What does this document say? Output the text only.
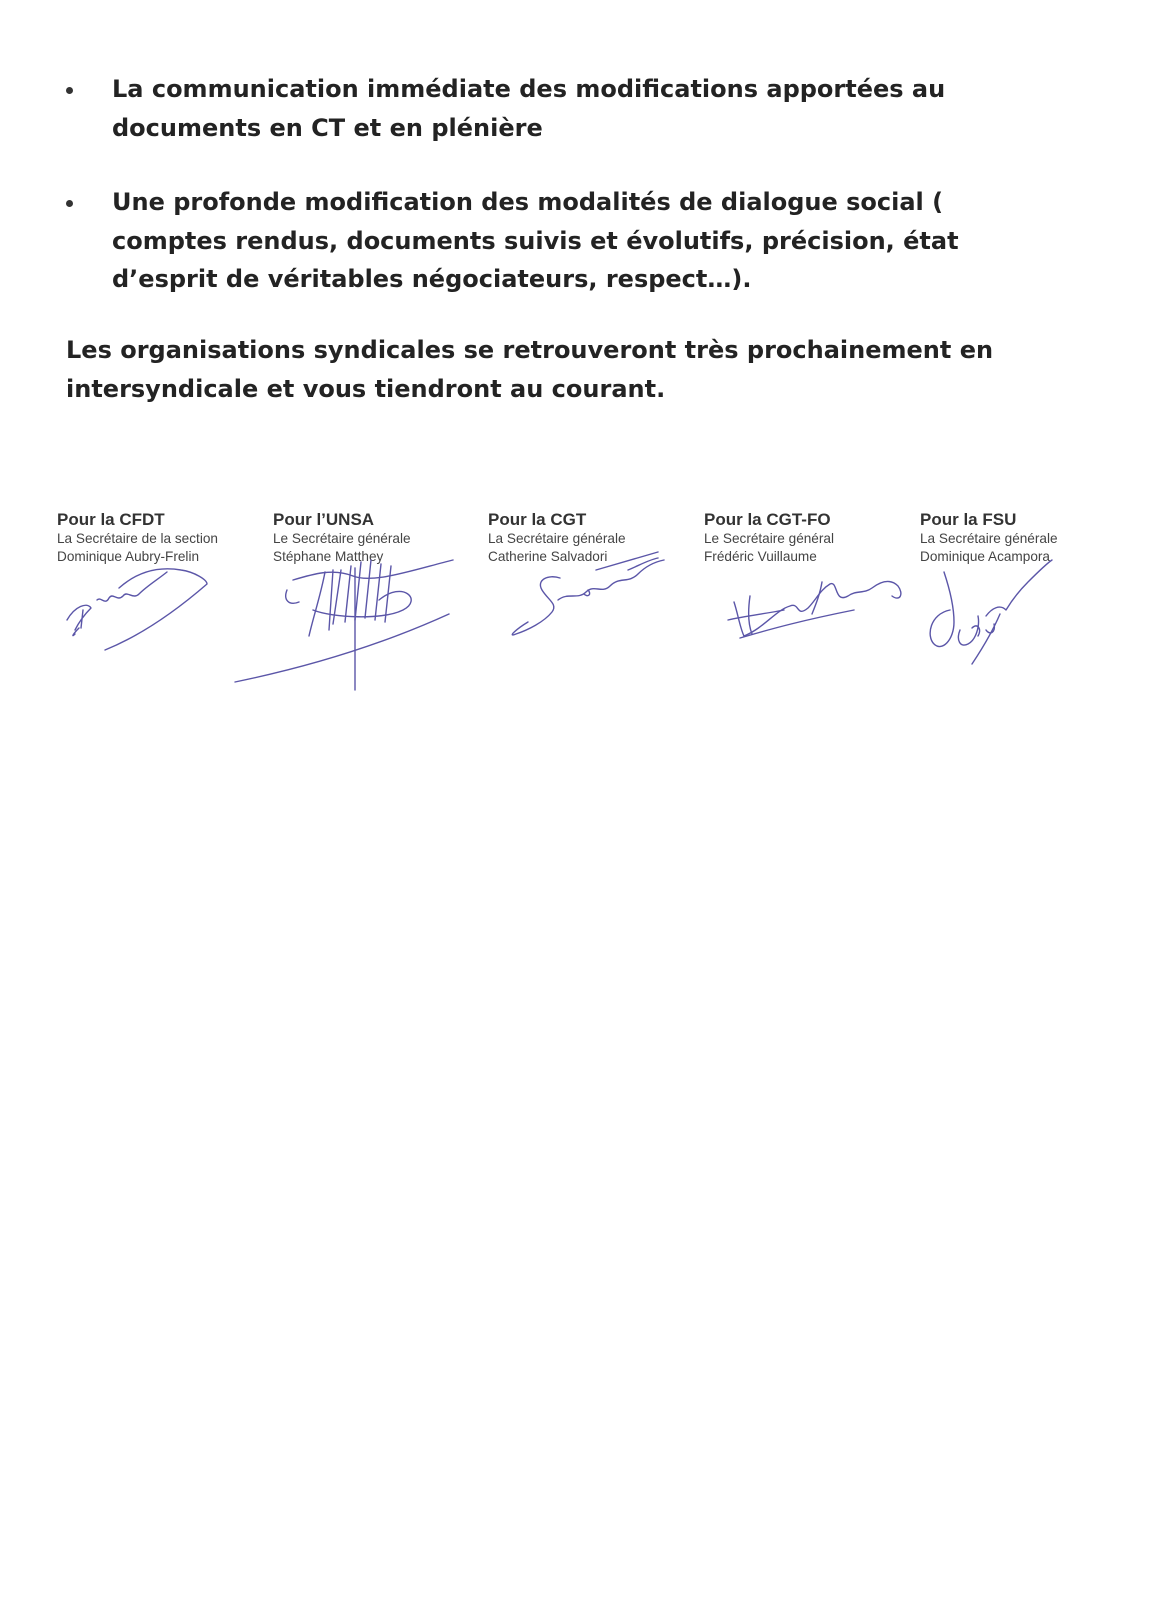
La communication immédiate des modifications apportées au documents en CT et en plénière
Une profonde modification des modalités de dialogue social ( comptes rendus, documents suivis et évolutifs, précision, état d’esprit de véritables négociateurs, respect…).

Les organisations syndicales se retrouveront très prochainement en intersyndicale et vous tiendront au courant.

Pour la CFDT
La Secrétaire de la section
Dominique Aubry-Frelin
Pour l’UNSA
Le Secrétaire générale
Stéphane Matthey
Pour la CGT
La Secrétaire générale
Catherine Salvadori
Pour la CGT-FO
Le Secrétaire général
Frédéric Vuillaume
Pour la FSU
La Secrétaire générale
Dominique Acampora
